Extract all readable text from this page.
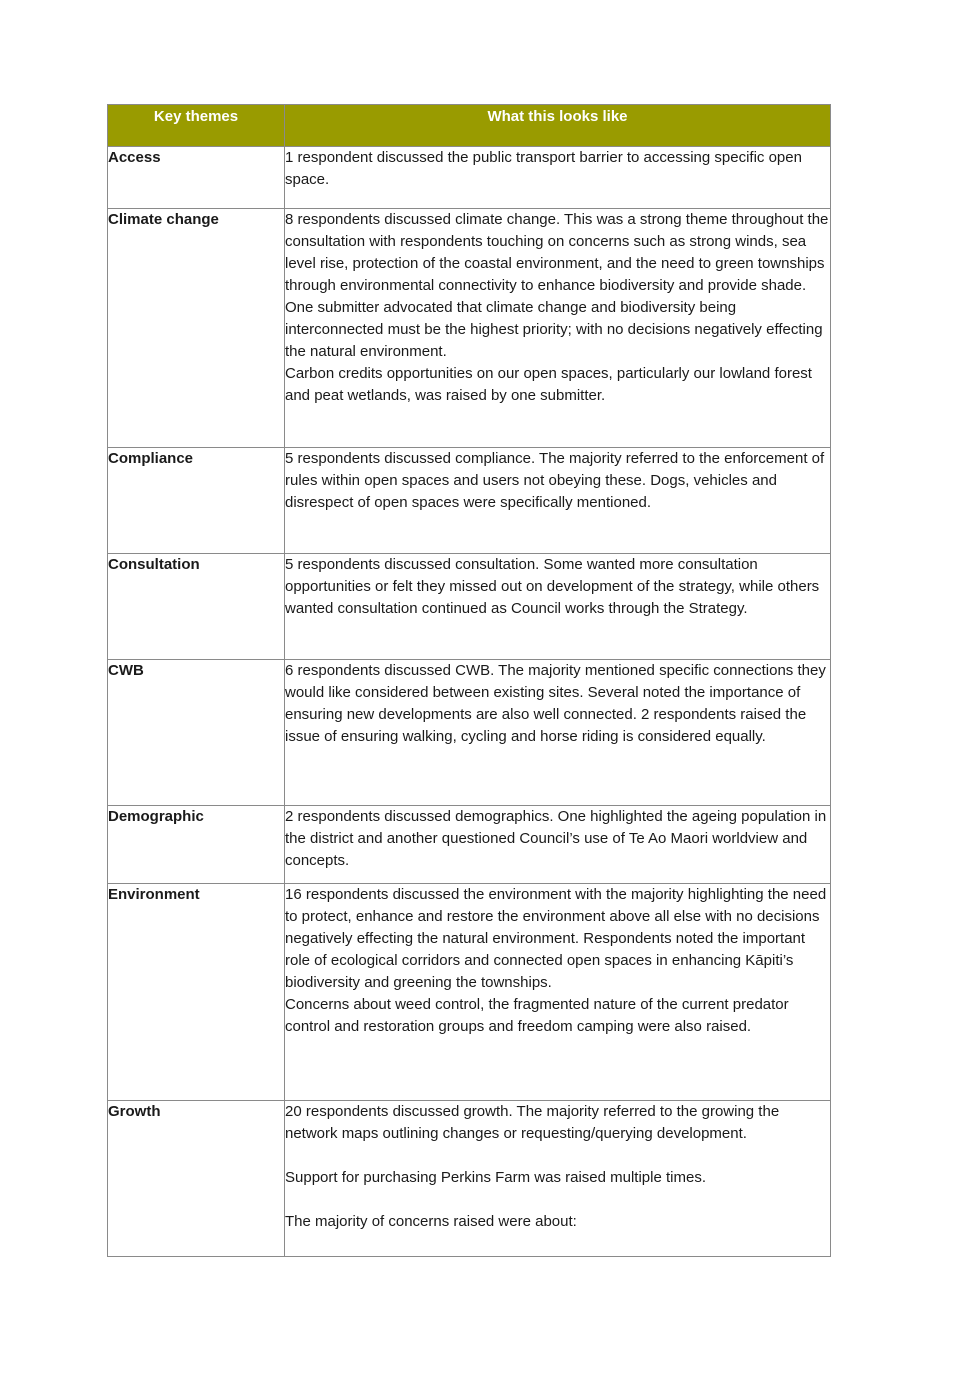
Key themes	What this looks like
Access	1 respondent discussed the public transport barrier to accessing specific open space.

Climate change	8 respondents discussed climate change. This was a strong theme throughout the consultation with respondents touching on concerns such as strong winds, sea level rise, protection of the coastal environment, and the need to green townships through environmental connectivity to enhance biodiversity and provide shade. One submitter advocated that climate change and biodiversity being interconnected must be the highest priority; with no decisions negatively effecting the natural environment.

Carbon credits opportunities on our open spaces, particularly our lowland forest and peat wetlands, was raised by one submitter.

Compliance	5 respondents discussed compliance. The majority referred to the enforcement of rules within open spaces and users not obeying these. Dogs, vehicles and disrespect of open spaces were specifically mentioned.

Consultation	5 respondents discussed consultation. Some wanted more consultation opportunities or felt they missed out on development of the strategy, while others wanted consultation continued as Council works through the Strategy.

CWB	6 respondents discussed CWB. The majority mentioned specific connections they would like considered between existing sites. Several noted the importance of ensuring new developments are also well connected. 2 respondents raised the issue of ensuring walking, cycling and horse riding is considered equally.

Demographic	2 respondents discussed demographics. One highlighted the ageing population in the district and another questioned Council’s use of Te Ao Maori worldview and concepts.

Environment	16 respondents discussed the environment with the majority highlighting the need to protect, enhance and restore the environment above all else with no decisions negatively effecting the natural environment. Respondents noted the important role of ecological corridors and connected open spaces in enhancing Kāpiti’s biodiversity and greening the townships.

Concerns about weed control, the fragmented nature of the current predator control and restoration groups and freedom camping were also raised.

Growth	20 respondents discussed growth. The majority referred to the growing the network maps outlining changes or requesting/querying development.

Support for purchasing Perkins Farm was raised multiple times.

The majority of concerns raised were about:
